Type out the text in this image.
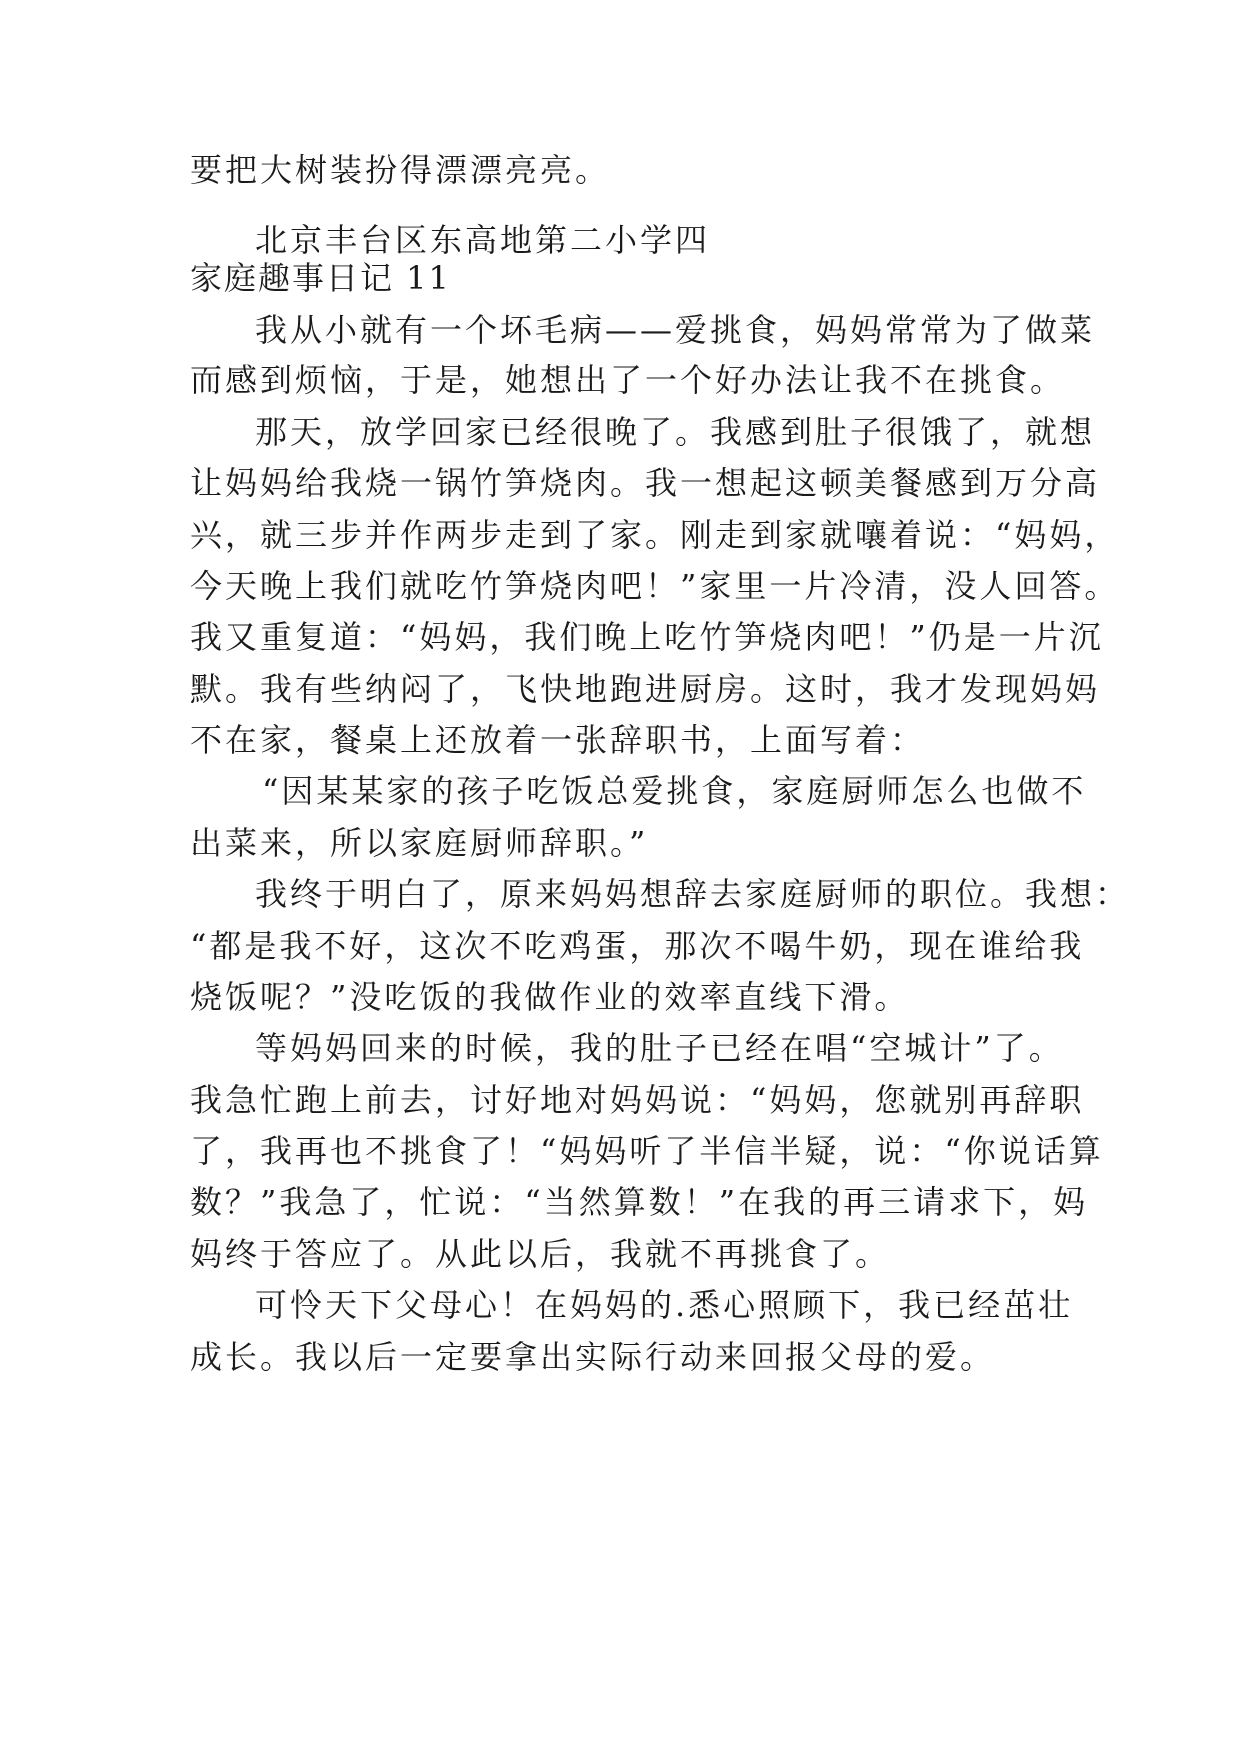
要把大树装扮得漂漂亮亮。
北京丰台区东高地第二小学四
家庭趣事日记 11
我从小就有一个坏毛病——爱挑食，妈妈常常为了做菜
而感到烦恼，于是，她想出了一个好办法让我不在挑食。
那天，放学回家已经很晚了。我感到肚子很饿了，就想
让妈妈给我烧一锅竹笋烧肉。我一想起这顿美餐感到万分高
兴，就三步并作两步走到了家。刚走到家就嚷着说：“妈妈，
今天晚上我们就吃竹笋烧肉吧！”家里一片冷清，没人回答。
我又重复道：“妈妈，我们晚上吃竹笋烧肉吧！”仍是一片沉
默。我有些纳闷了，飞快地跑进厨房。这时，我才发现妈妈
不在家，餐桌上还放着一张辞职书，上面写着：
“因某某家的孩子吃饭总爱挑食，家庭厨师怎么也做不
出菜来，所以家庭厨师辞职。”
我终于明白了，原来妈妈想辞去家庭厨师的职位。我想：
“都是我不好，这次不吃鸡蛋，那次不喝牛奶，现在谁给我
烧饭呢？”没吃饭的我做作业的效率直线下滑。
等妈妈回来的时候，我的肚子已经在唱“空城计”了。
我急忙跑上前去，讨好地对妈妈说：“妈妈，您就别再辞职
了，我再也不挑食了！“妈妈听了半信半疑，说：“你说话算
数？”我急了，忙说：“当然算数！”在我的再三请求下，妈
妈终于答应了。从此以后，我就不再挑食了。
可怜天下父母心！在妈妈的.悉心照顾下，我已经茁壮
成长。我以后一定要拿出实际行动来回报父母的爱。
